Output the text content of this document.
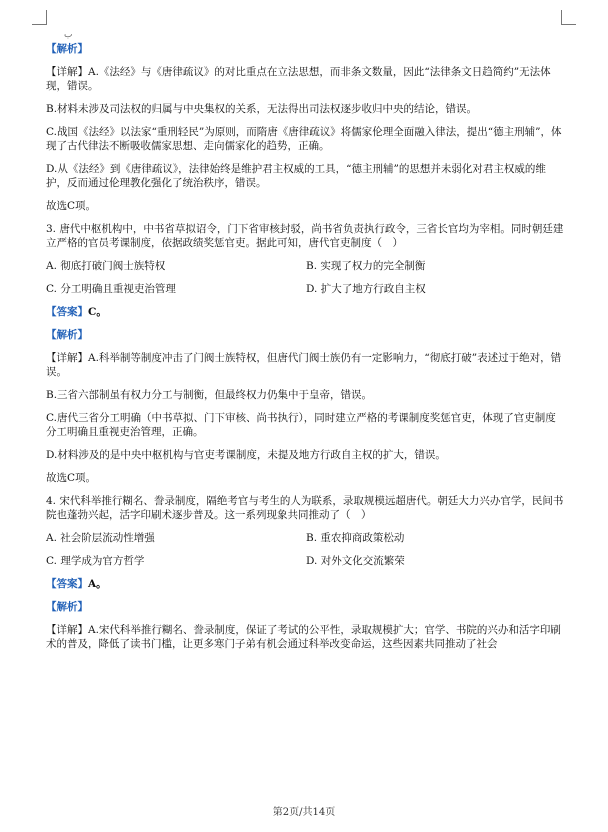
ب

【解析】

【详解】A.《法经》与《唐律疏议》的对比重点在立法思想，而非条文数量，因此“法律条文日趋简约”无法体现，错误。

B.材料未涉及司法权的归属与中央集权的关系，无法得出司法权逐步收归中央的结论，错误。

C.战国《法经》以法家“重刑轻民”为原则，而隋唐《唐律疏议》将儒家伦理全面融入律法，提出“德主刑辅”，体现了古代律法不断吸收儒家思想、走向儒家化的趋势，正确。

D.从《法经》到《唐律疏议》，法律始终是维护君主权威的工具，“德主刑辅”的思想并未弱化对君主权威的维护，反而通过伦理教化强化了统治秩序，错误。

故选C项。

3. 唐代中枢机构中，中书省草拟诏令，门下省审核封驳，尚书省负责执行政令，三省长官均为宰相。同时朝廷建立严格的官员考课制度，依据政绩奖惩官吏。据此可知，唐代官吏制度（　）

A. 彻底打破门阀士族特权	B. 实现了权力的完全制衡
C. 分工明确且重视吏治管理	D. 扩大了地方行政自主权

【答案】C。

【解析】

【详解】A.科举制等制度冲击了门阀士族特权，但唐代门阀士族仍有一定影响力，“彻底打破”表述过于绝对，错误。

B.三省六部制虽有权力分工与制衡，但最终权力仍集中于皇帝，错误。

C.唐代三省分工明确（中书草拟、门下审核、尚书执行），同时建立严格的考课制度奖惩官吏，体现了官吏制度分工明确且重视吏治管理，正确。

D.材料涉及的是中央中枢机构与官吏考课制度，未提及地方行政自主权的扩大，错误。

故选C项。

4. 宋代科举推行糊名、誊录制度，隔绝考官与考生的人为联系，录取规模远超唐代。朝廷大力兴办官学，民间书院也蓬勃兴起，活字印刷术逐步普及。这一系列现象共同推动了（　）

A. 社会阶层流动性增强	B. 重农抑商政策松动
C. 理学成为官方哲学	D. 对外文化交流繁荣

【答案】A。

【解析】

【详解】A.宋代科举推行糊名、誊录制度，保证了考试的公平性，录取规模扩大；官学、书院的兴办和活字印刷术的普及，降低了读书门槛，让更多寒门子弟有机会通过科举改变命运，这些因素共同推动了社会

第2页/共14页
